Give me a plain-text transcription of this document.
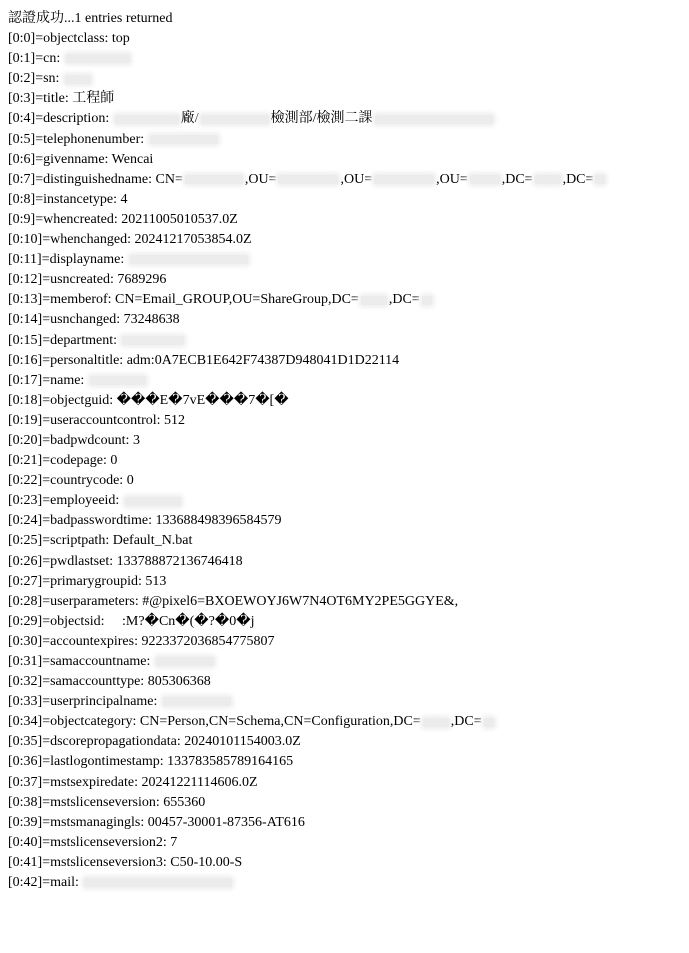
認證成功...1 entries returned
[0:0]=objectclass: top
[0:1]=cn:
[0:2]=sn:
[0:3]=title: 工程師
[0:4]=description:	廠/	檢測部/檢測二課
[0:5]=telephonenumber:
[0:6]=givenname: Wencai
[0:7]=distinguishedname: CN=	,OU=	,OU=	,OU= ,DC= ,DC=
[0:8]=instancetype: 4
[0:9]=whencreated: 20211005010537.0Z
[0:10]=whenchanged: 20241217053854.0Z
[0:11]=displayname:
[0:12]=usncreated: 7689296
[0:13]=memberof: CN=Email_GROUP,OU=ShareGroup,DC= ,DC=
[0:14]=usnchanged: 73248638
[0:15]=department:
[0:16]=personaltitle: adm:0A7ECB1E642F74387D948041D1D22114
[0:17]=name:
[0:18]=objectguid: ���E�7vE���7�[�
[0:19]=useraccountcontrol: 512
[0:20]=badpwdcount: 3
[0:21]=codepage: 0
[0:22]=countrycode: 0
[0:23]=employeeid:
[0:24]=badpasswordtime: 133688498396584579
[0:25]=scriptpath: Default_N.bat
[0:26]=pwdlastset: 133788872136746418
[0:27]=primarygroupid: 513
[0:28]=userparameters: #@pixel6=BXOEWOYJ6W7N4OT6MY2PE5GGYE&,
[0:29]=objectsid:     :M?�Cn�(�?�0�j
[0:30]=accountexpires: 9223372036854775807
[0:31]=samaccountname:
[0:32]=samaccounttype: 805306368
[0:33]=userprincipalname:
[0:34]=objectcategory: CN=Person,CN=Schema,CN=Configuration,DC= ,DC=
[0:35]=dscorepropagationdata: 20240101154003.0Z
[0:36]=lastlogontimestamp: 133783585789164165
[0:37]=mstsexpiredate: 20241221114606.0Z
[0:38]=mstslicenseversion: 655360
[0:39]=mstsmanagingls: 00457-30001-87356-AT616
[0:40]=mstslicenseversion2: 7
[0:41]=mstslicenseversion3: C50-10.00-S
[0:42]=mail:
